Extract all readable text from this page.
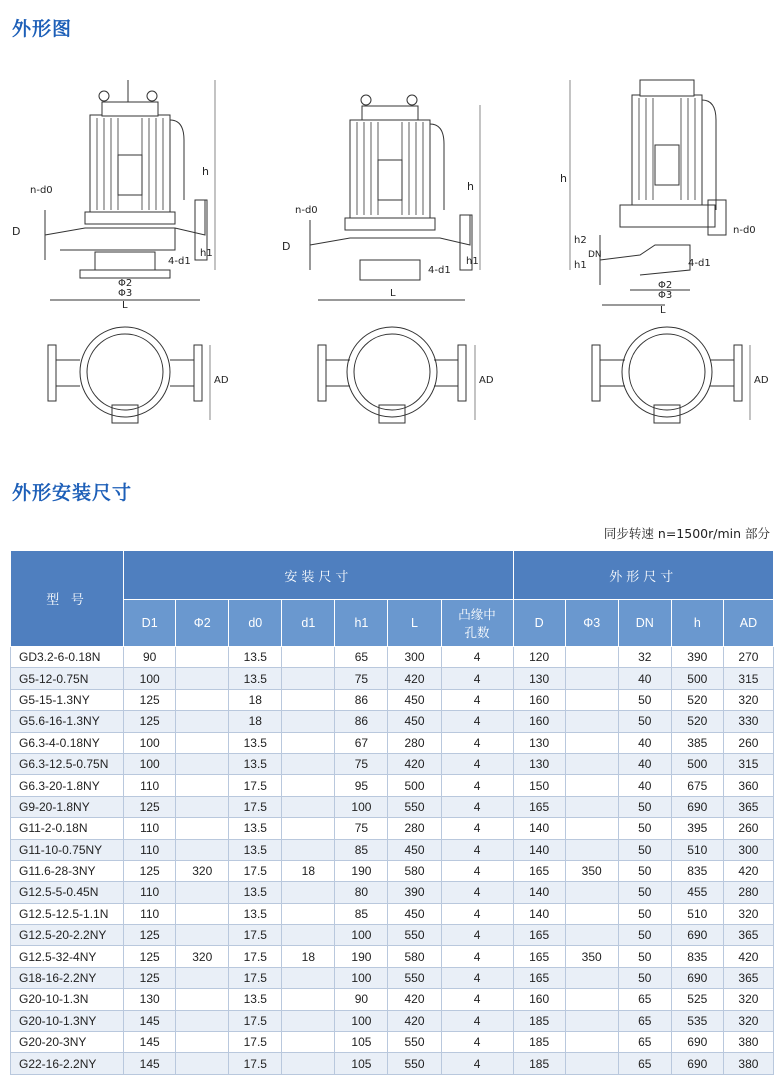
外形图
h
h
h
n-d0
n-d0
n-d0
D
D
h1
h1	h1
h2
DN
4-d1
4-d1
4-d1
Φ2
Φ3
Φ2
Φ3
L
L
L
AD	AD	AD
外形安装尺寸
同步转速 n=1500r/min 部分
型 号	安装尺寸							外形尺寸				
	D1	Φ2	d0	d1	h1	L	凸缘中
孔数	D	Φ3	DN	h	AD
GD3.2-6-0.18N	90		13.5		65	300	4	120		32	390	270
G5-12-0.75N	100		13.5		75	420	4	130		40	500	315
G5-15-1.3NY	125		18		86	450	4	160		50	520	320
G5.6-16-1.3NY	125		18		86	450	4	160		50	520	330
G6.3-4-0.18NY	100		13.5		67	280	4	130		40	385	260
G6.3-12.5-0.75N	100		13.5		75	420	4	130		40	500	315
G6.3-20-1.8NY	110		17.5		95	500	4	150		40	675	360
G9-20-1.8NY	125		17.5		100	550	4	165		50	690	365
G11-2-0.18N	110		13.5		75	280	4	140		50	395	260
G11-10-0.75NY	110		13.5		85	450	4	140		50	510	300
G11.6-28-3NY	125	320	17.5	18	190	580	4	165	350	50	835	420
G12.5-5-0.45N	110		13.5		80	390	4	140		50	455	280
G12.5-12.5-1.1N	110		13.5		85	450	4	140		50	510	320
G12.5-20-2.2NY	125		17.5		100	550	4	165		50	690	365
G12.5-32-4NY	125	320	17.5	18	190	580	4	165	350	50	835	420
G18-16-2.2NY	125		17.5		100	550	4	165		50	690	365
G20-10-1.3N	130		13.5		90	420	4	160		65	525	320
G20-10-1.3NY	145		17.5		100	420	4	185		65	535	320
G20-20-3NY	145		17.5		105	550	4	185		65	690	380
G22-16-2.2NY	145		17.5		105	550	4	185		65	690	380
